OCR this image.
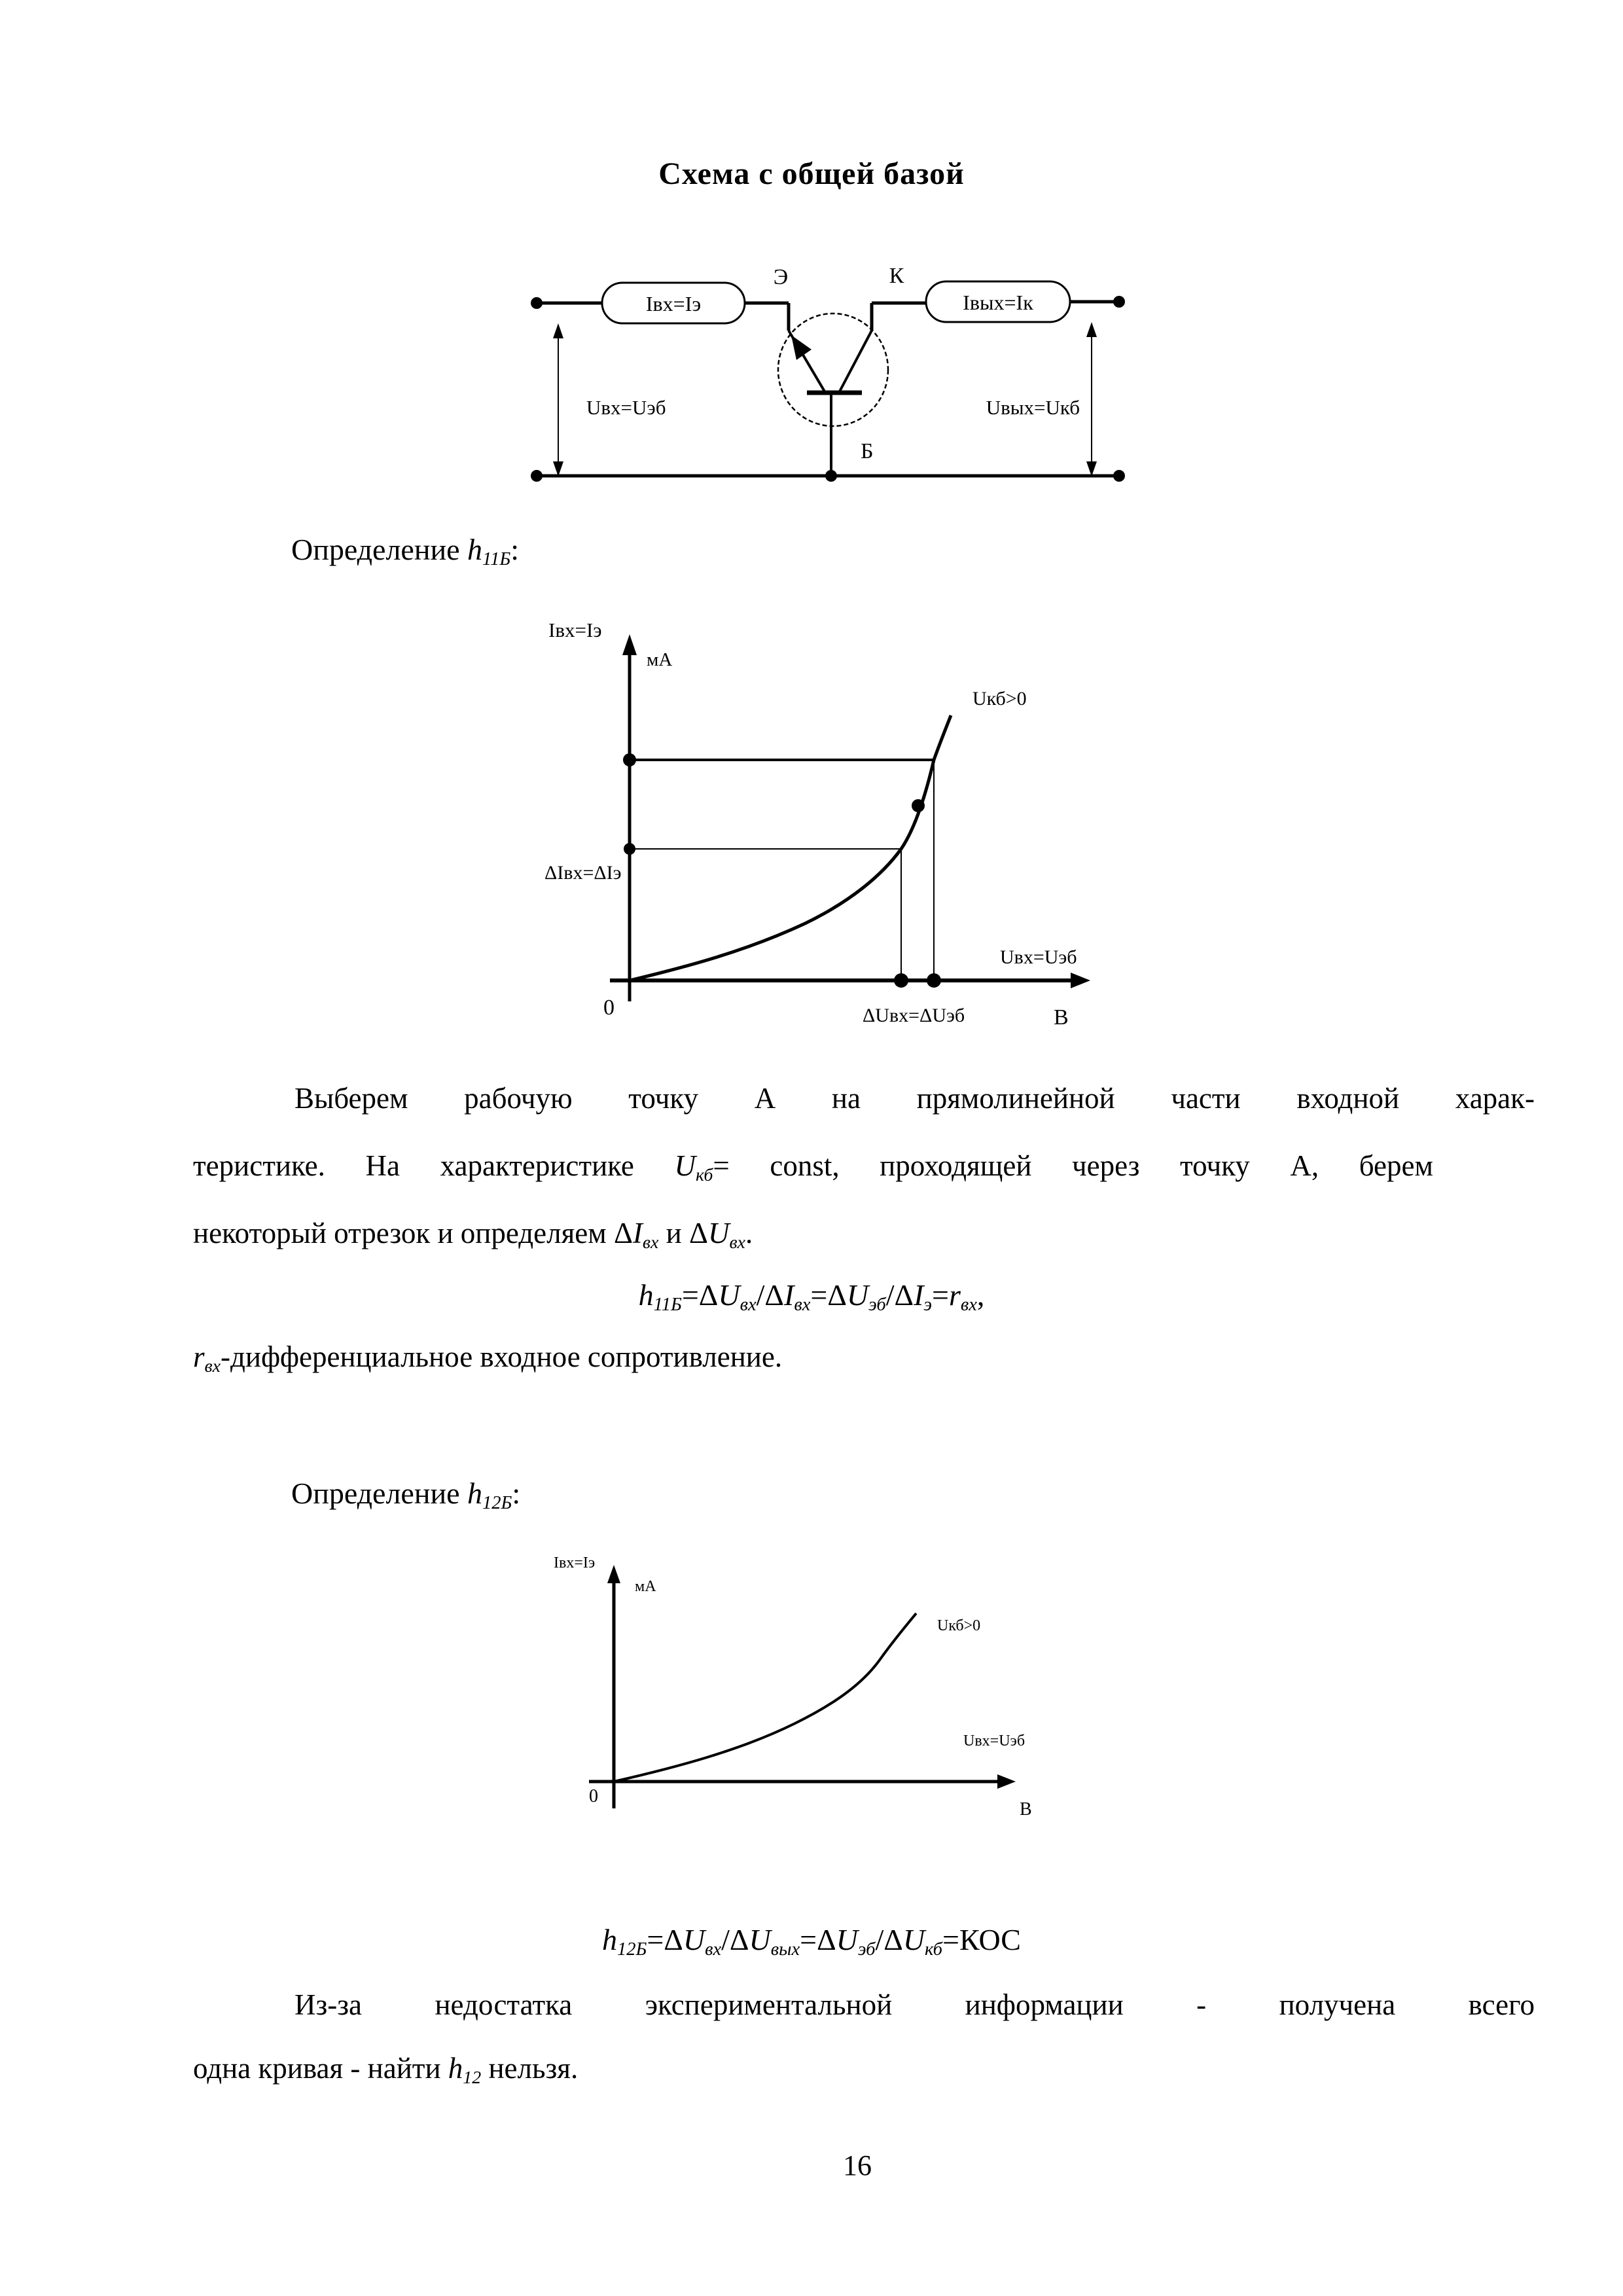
Схема с общей базой
Iвх=Iэ
Э	К
Б
Iвых=Iк
Uвх=Uэб	Uвых=Uкб
Определение h11Б:
Iвх=Iэ
мА
Uкб>0
ΔIвх=ΔIэ
Uвх=Uэб
ΔUвх=ΔUэб	В
0
Выберем рабочую точку А на прямолинейной части входной харак-
теристике. На характеристике Uкб= const, проходящей через точку А, берем
некоторый отрезок и определяем ΔIвх и ΔUвх.
h11Б=ΔUвх/ΔIвх=ΔUэб/ΔIэ=rвх,
rвх-дифференциальное входное сопротивление.
Определение h12Б:
Iвх=Iэ
мА
Uкб>0
Uвх=Uэб
В
0
h12Б=ΔUвх/ΔUвых=ΔUэб/ΔUкб=КОС
Из-за недостатка экспериментальной информации - получена всего
одна кривая - найти h12 нельзя.
16
